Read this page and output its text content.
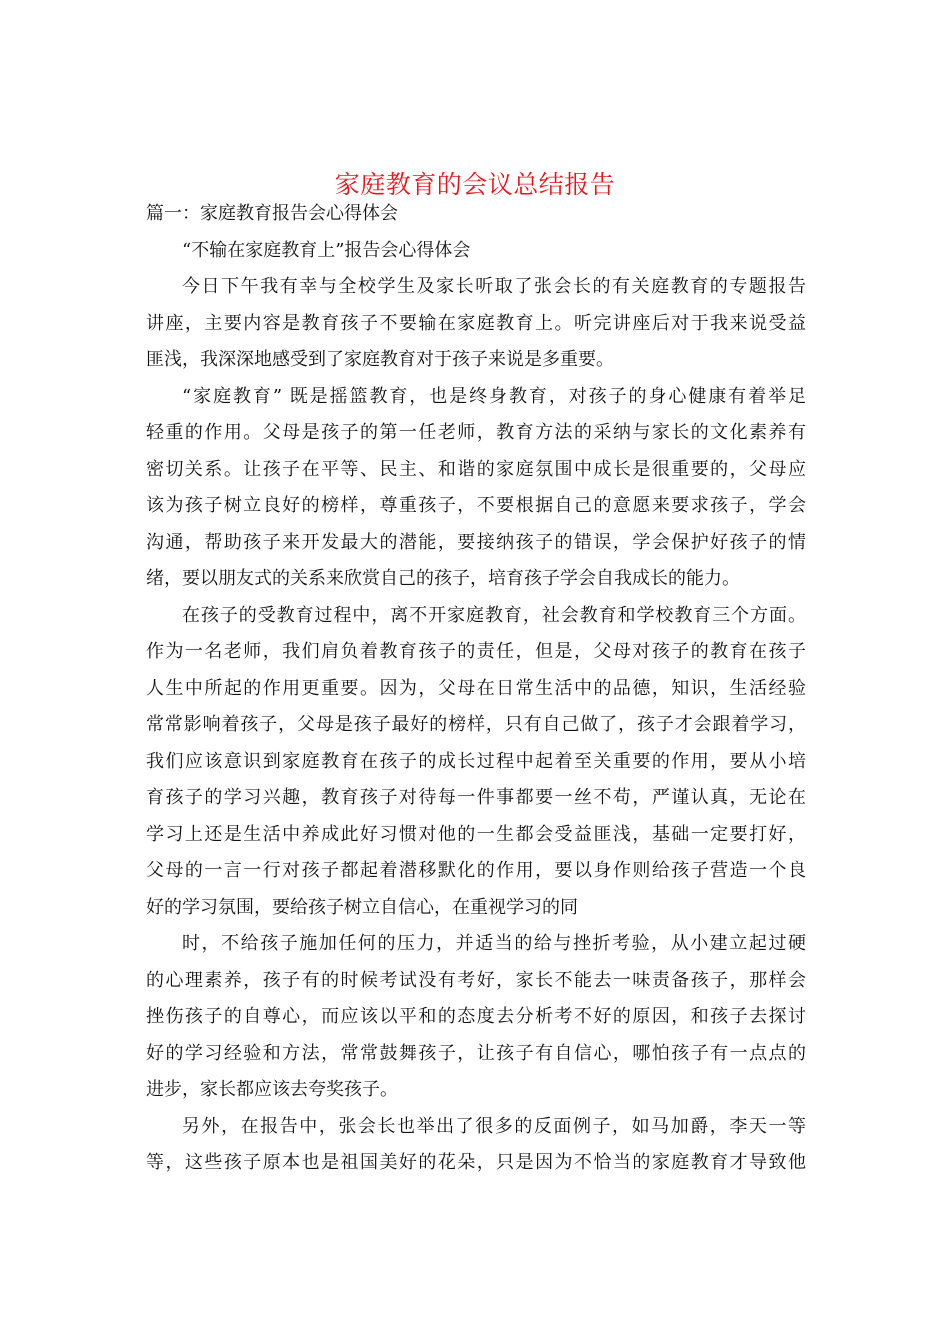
家庭教育的会议总结报告
篇一：家庭教育报告会心得体会
“不输在家庭教育上”报告会心得体会
今日下午我有幸与全校学生及家长听取了张会长的有关庭教育的专题报告
讲座，主要内容是教育孩子不要输在家庭教育上。听完讲座后对于我来说受益
匪浅，我深深地感受到了家庭教育对于孩子来说是多重要。
“家庭教育” 既是摇篮教育，也是终身教育，对孩子的身心健康有着举足
轻重的作用。父母是孩子的第一任老师，教育方法的采纳与家长的文化素养有
密切关系。让孩子在平等、民主、和谐的家庭氛围中成长是很重要的，父母应
该为孩子树立良好的榜样，尊重孩子，不要根据自己的意愿来要求孩子，学会
沟通，帮助孩子来开发最大的潜能，要接纳孩子的错误，学会保护好孩子的情
绪，要以朋友式的关系来欣赏自己的孩子，培育孩子学会自我成长的能力。
在孩子的受教育过程中，离不开家庭教育，社会教育和学校教育三个方面。
作为一名老师，我们肩负着教育孩子的责任，但是，父母对孩子的教育在孩子
人生中所起的作用更重要。因为，父母在日常生活中的品德，知识，生活经验
常常影响着孩子，父母是孩子最好的榜样，只有自己做了，孩子才会跟着学习，
我们应该意识到家庭教育在孩子的成长过程中起着至关重要的作用，要从小培
育孩子的学习兴趣，教育孩子对待每一件事都要一丝不苟，严谨认真，无论在
学习上还是生活中养成此好习惯对他的一生都会受益匪浅，基础一定要打好，
父母的一言一行对孩子都起着潜移默化的作用，要以身作则给孩子营造一个良
好的学习氛围，要给孩子树立自信心，在重视学习的同
时，不给孩子施加任何的压力，并适当的给与挫折考验，从小建立起过硬
的心理素养，孩子有的时候考试没有考好，家长不能去一味责备孩子，那样会
挫伤孩子的自尊心，而应该以平和的态度去分析考不好的原因，和孩子去探讨
好的学习经验和方法，常常鼓舞孩子，让孩子有自信心，哪怕孩子有一点点的
进步，家长都应该去夸奖孩子。
另外，在报告中，张会长也举出了很多的反面例子，如马加爵，李天一等
等，这些孩子原本也是祖国美好的花朵，只是因为不恰当的家庭教育才导致他
